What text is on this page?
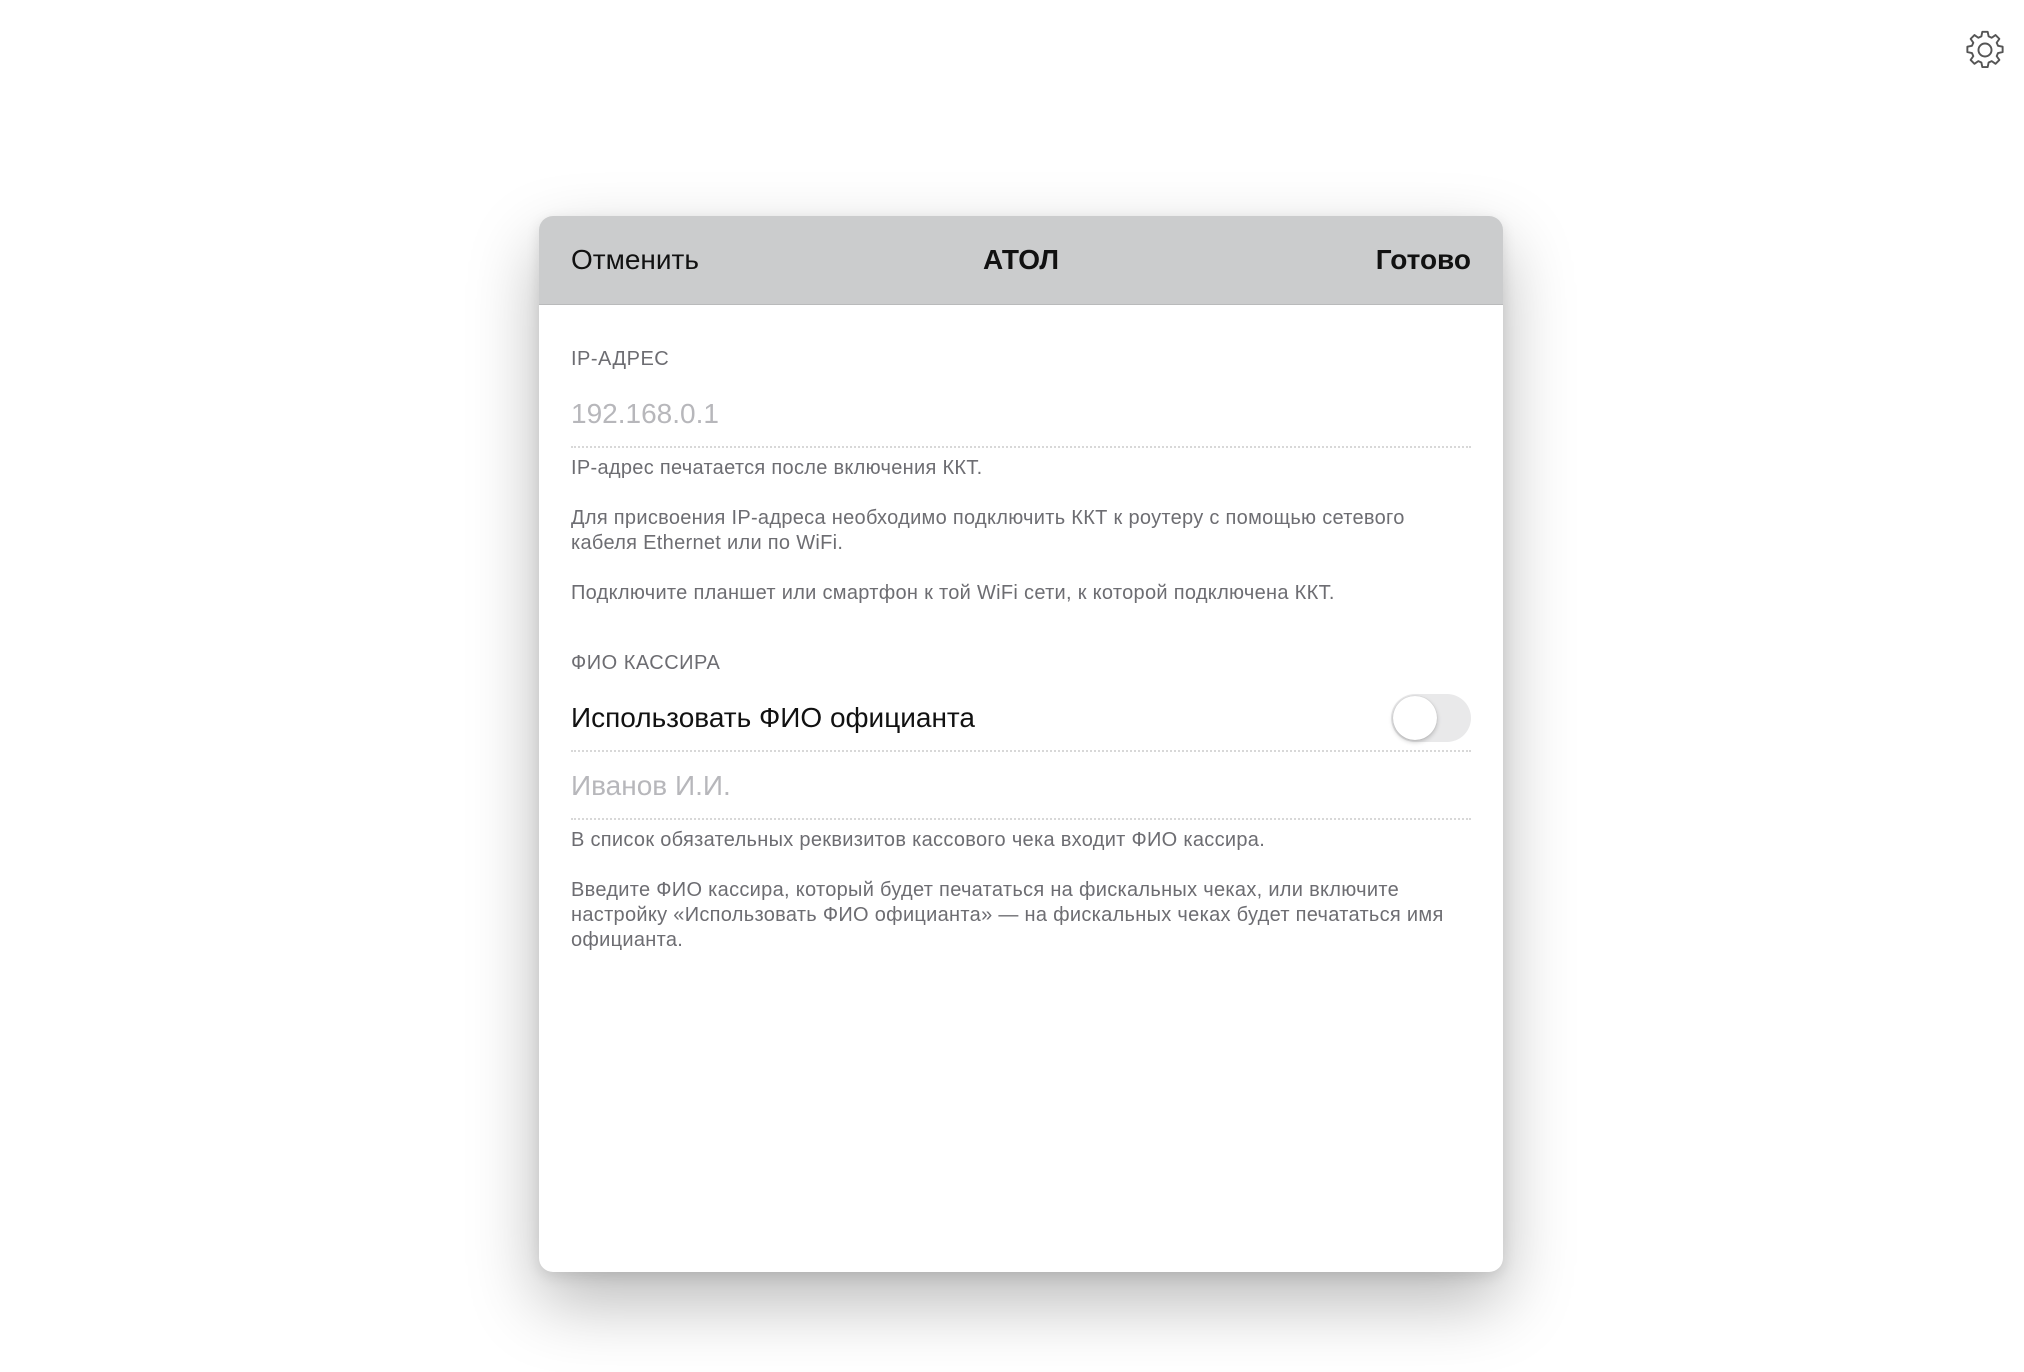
Отменить	АТОЛ	Готово
IP-АДРЕС
192.168.0.1
IP-адрес печатается после включения ККТ.
Для присвоения IP-адреса необходимо подключить ККТ к роутеру с помощью сетевого кабеля Ethernet или по WiFi.
Подключите планшет или смартфон к той WiFi сети, к которой подключена ККТ.
ФИО КАССИРА
Использовать ФИО официанта
Иванов И.И.
В список обязательных реквизитов кассового чека входит ФИО кассира.
Введите ФИО кассира, который будет печататься на фискальных чеках, или включите настройку «Использовать ФИО официанта» — на фискальных чеках будет печататься имя официанта.
